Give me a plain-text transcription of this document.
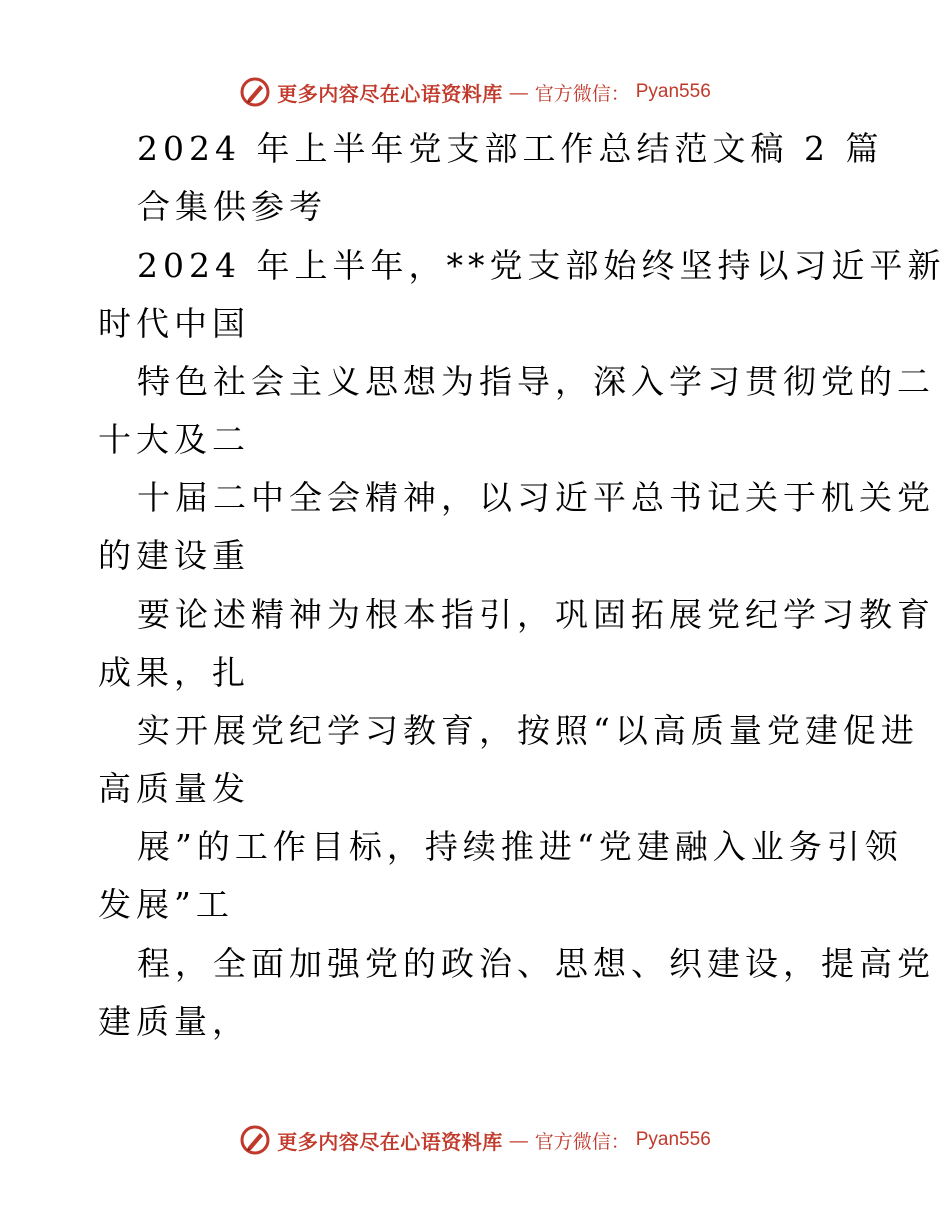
更多内容尽在心语资料库 — 官方微信： Pyan556
2024 年上半年党支部工作总结范文稿 2 篇
合集供参考
2024 年上半年，**党支部始终坚持以习近平新
时代中国
特色社会主义思想为指导，深入学习贯彻党的二
十大及二
十届二中全会精神，以习近平总书记关于机关党
的建设重
要论述精神为根本指引，巩固拓展党纪学习教育
成果，扎
实开展党纪学习教育，按照“以高质量党建促进
高质量发
展”的工作目标，持续推进“党建融入业务引领
发展”工
程，全面加强党的政治、思想、织建设，提高党
建质量，
更多内容尽在心语资料库 — 官方微信： Pyan556
